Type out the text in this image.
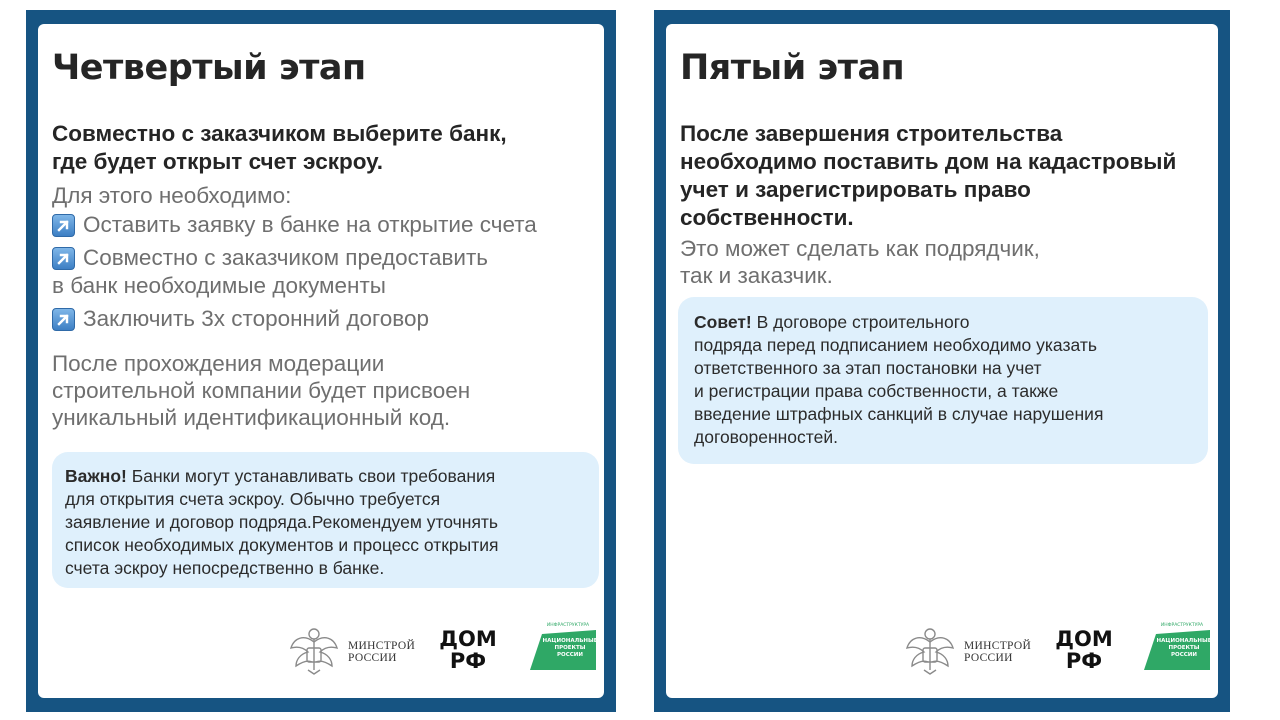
Четвертый этап
Совместно с заказчиком выберите банк,
где будет открыт счет эскроу.
Для этого необходимо:
Оставить заявку в банке на открытие счета
Совместно с заказчиком предоставить
в банк необходимые документы
Заключить 3х сторонний договор
После прохождения модерации
строительной компании будет присвоен
уникальный идентификационный код.
Важно! Банки могут устанавливать свои требования
для открытия счета эскроу. Обычно требуется
заявление и договор подряда.Рекомендуем уточнять
список необходимых документов и процесс открытия
счета эскроу непосредственно в банке.
МИНСТРОЙ
РОССИИ
ДОМ
РФ
ИНФРАСТРУКТУРА
НАЦИОНАЛЬНЫЕ
ПРОЕКТЫ
РОССИИ
Пятый этап
После завершения строительства
необходимо поставить дом на кадастровый
учет и зарегистрировать право
собственности.
Это может сделать как подрядчик,
так и заказчик.
Совет! В договоре строительного
подряда перед подписанием необходимо указать
ответственного за этап постановки на учет
и регистрации права собственности, а также
введение штрафных санкций в случае нарушения
договоренностей.
МИНСТРОЙ
РОССИИ
ДОМ
РФ
ИНФРАСТРУКТУРА
НАЦИОНАЛЬНЫЕ
ПРОЕКТЫ
РОССИИ
